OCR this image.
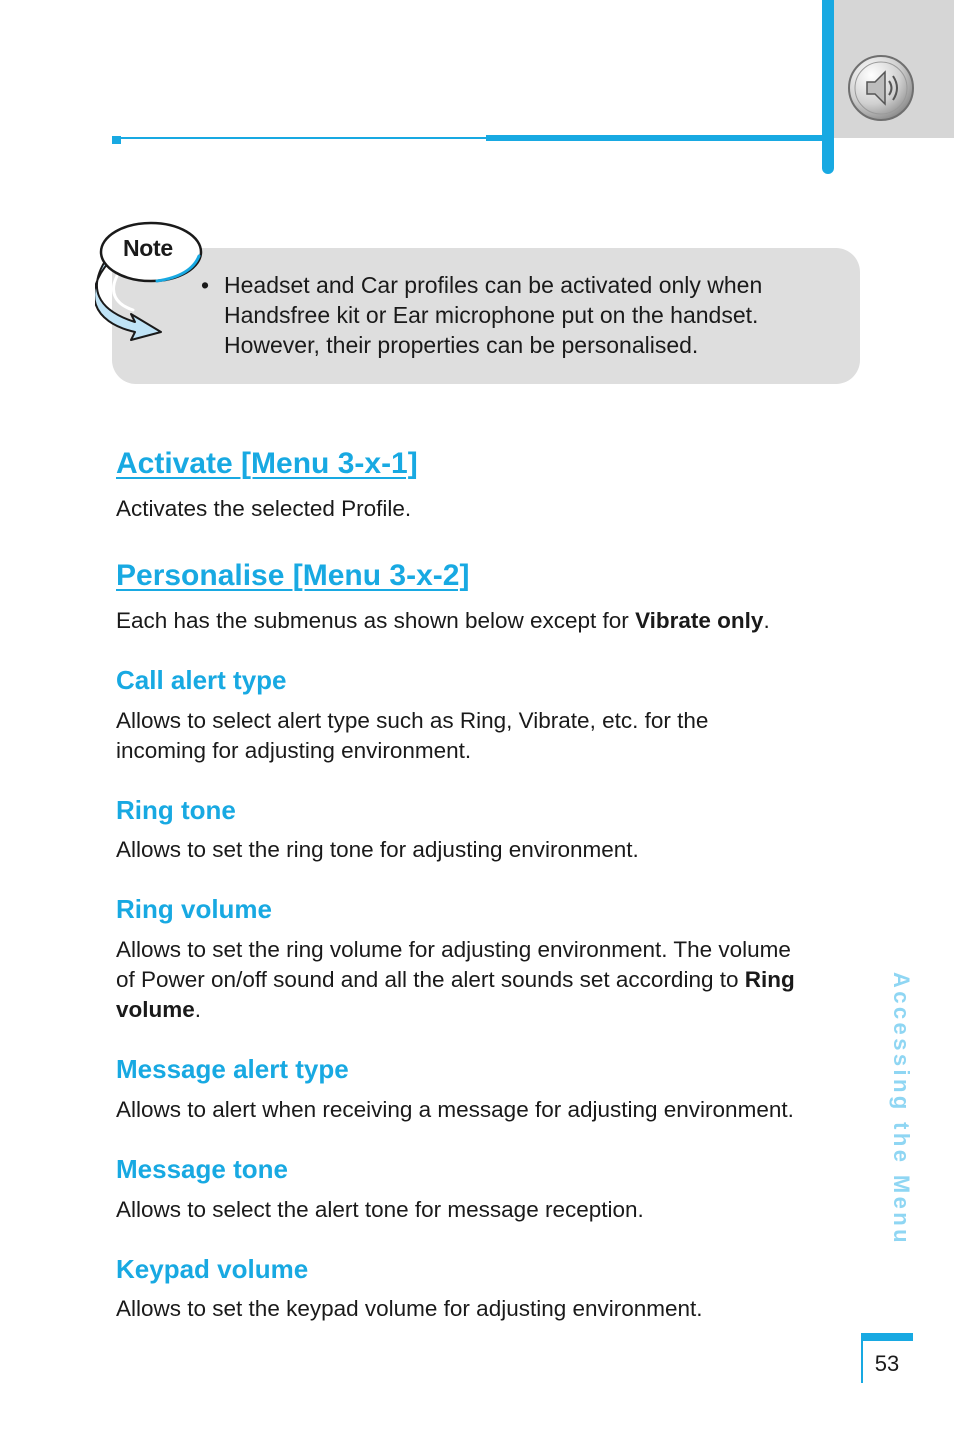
Note
• Headset and Car profiles can be activated only when
Handsfree kit or Ear microphone put on the handset.
However, their properties can be personalised.
Activate [Menu 3-x-1]
Activates the selected Profile.
Personalise [Menu 3-x-2]
Each has the submenus as shown below except for Vibrate only.
Call alert type
Allows to select alert type such as Ring, Vibrate, etc. for the
incoming for adjusting environment.
Ring tone
Allows to set the ring tone for adjusting environment.
Ring volume
Allows to set the ring volume for adjusting environment. The volume
of Power on/off sound and all the alert sounds set according to Ring
volume.
Message alert type
Allows to alert when receiving a message for adjusting environment.
Message tone
Allows to select the alert tone for message reception.
Keypad volume
Allows to set the keypad volume for adjusting environment.
Accessing the Menu
53
